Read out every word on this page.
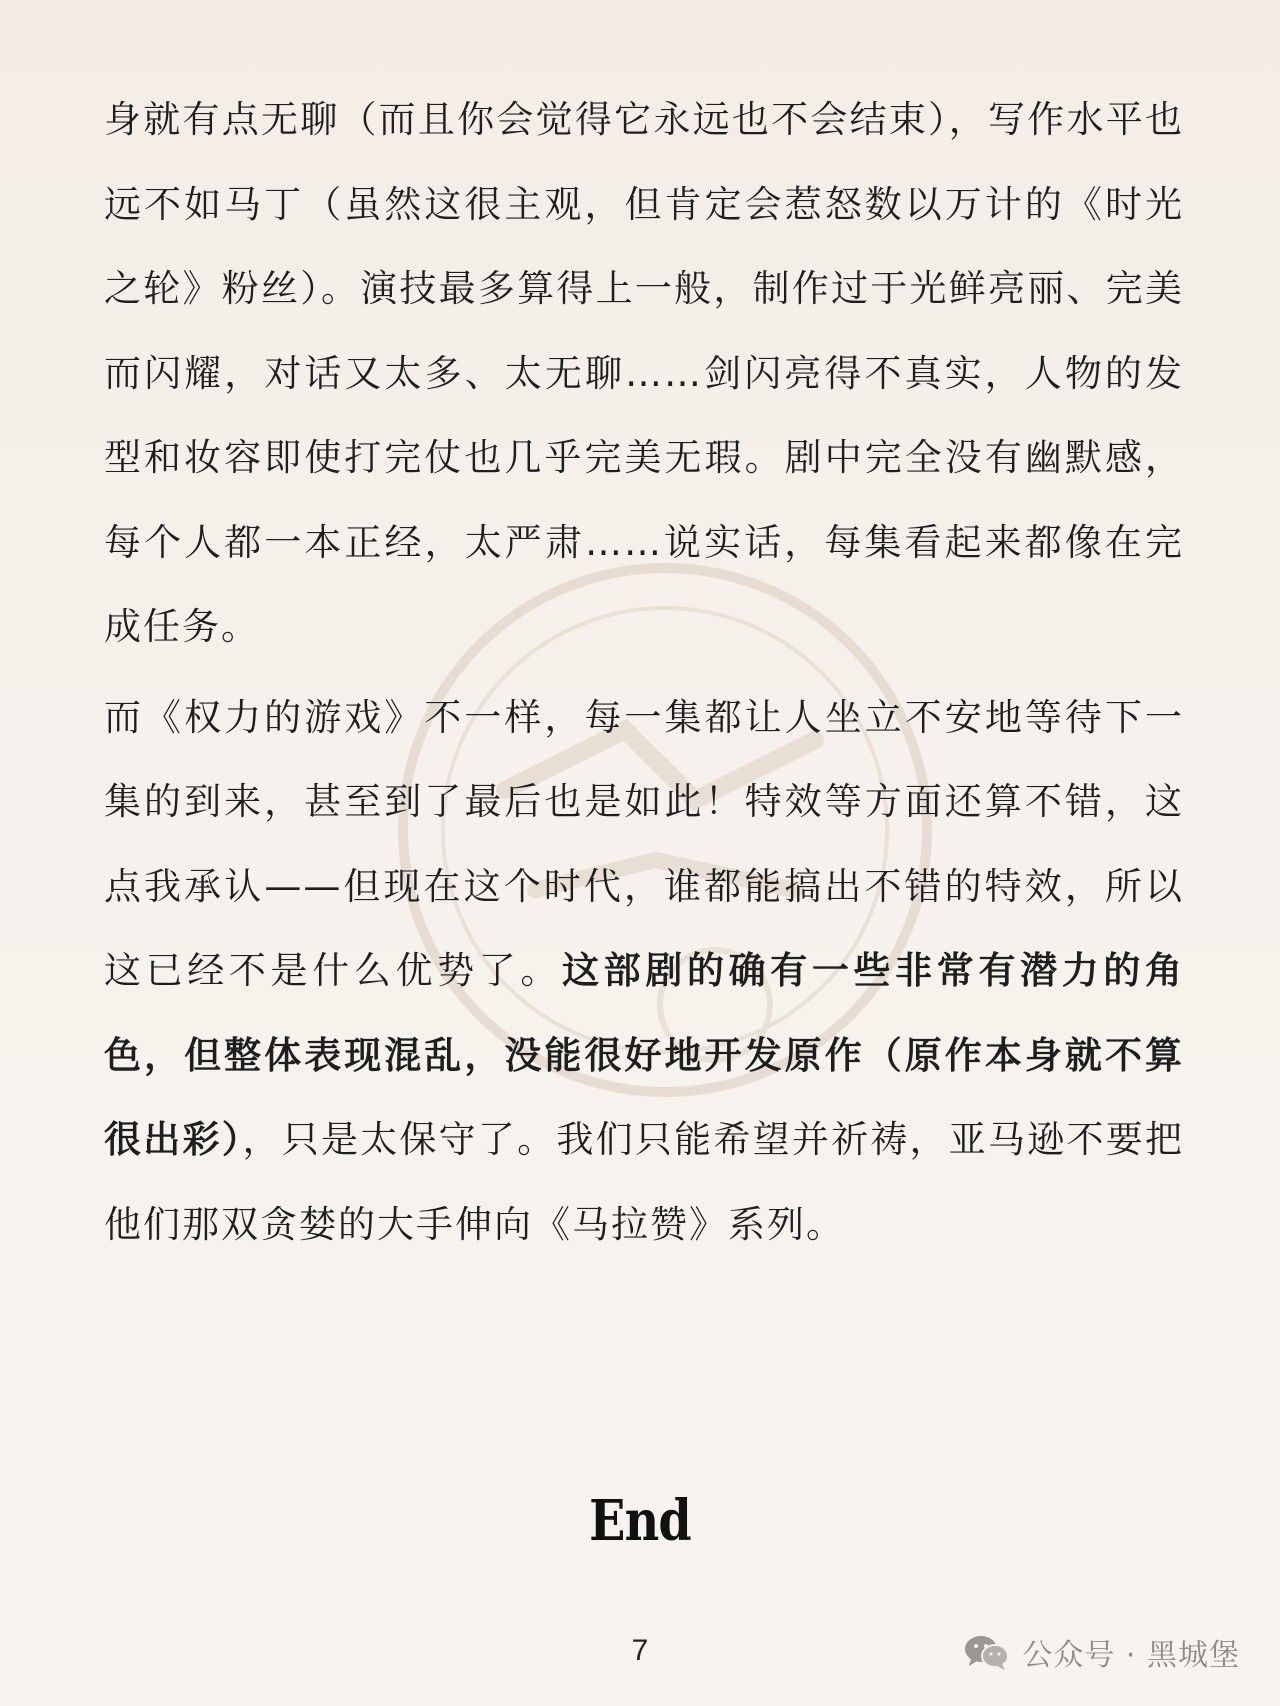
身就有点无聊（而且你会觉得它永远也不会结束），写作水平也远不如马丁（虽然这很主观，但肯定会惹怒数以万计的《时光之轮》粉丝）。演技最多算得上一般，制作过于光鲜亮丽、完美而闪耀，对话又太多、太无聊……剑闪亮得不真实，人物的发型和妆容即使打完仗也几乎完美无瑕。剧中完全没有幽默感，每个人都一本正经，太严肃……说实话，每集看起来都像在完成任务。

而《权力的游戏》不一样，每一集都让人坐立不安地等待下一集的到来，甚至到了最后也是如此！特效等方面还算不错，这点我承认——但现在这个时代，谁都能搞出不错的特效，所以这已经不是什么优势了。这部剧的确有一些非常有潜力的角色，但整体表现混乱，没能很好地开发原作（原作本身就不算很出彩），只是太保守了。我们只能希望并祈祷，亚马逊不要把他们那双贪婪的大手伸向《马拉赞》系列。

End
7	公众号 · 黑城堡
